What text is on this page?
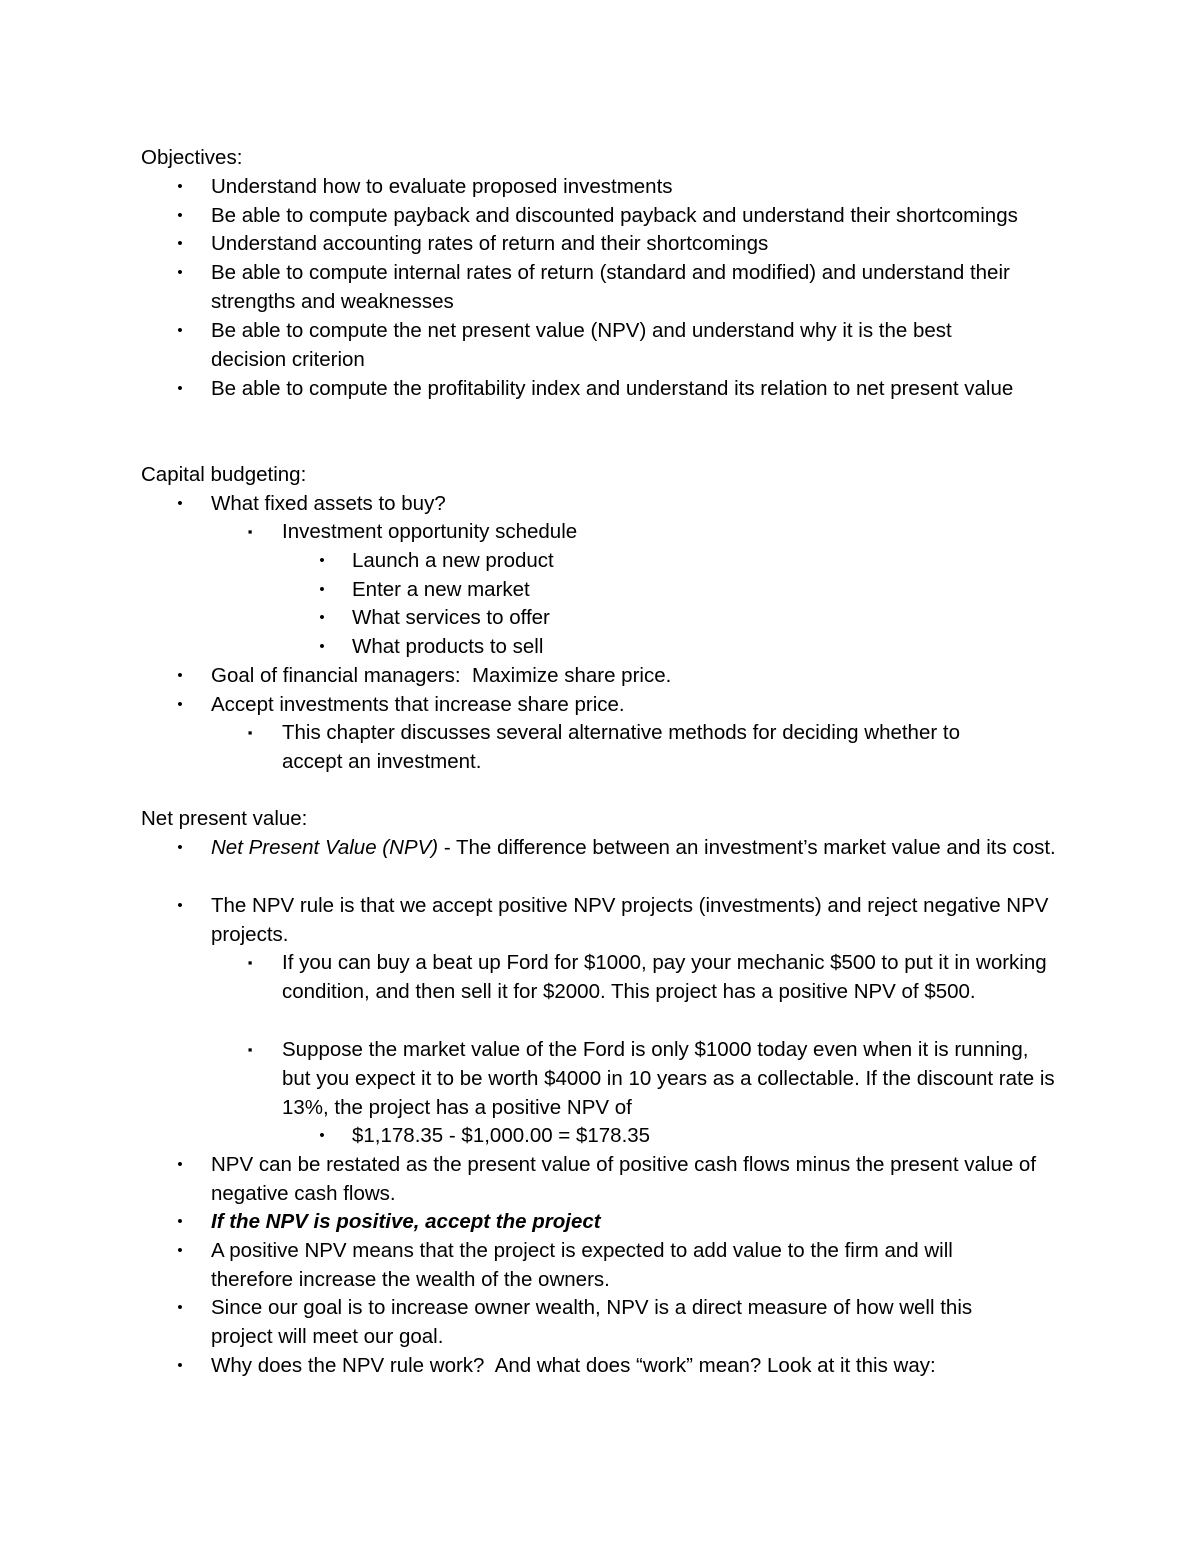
Objectives:
•	Understand how to evaluate proposed investments
•	Be able to compute payback and discounted payback and understand their shortcomings
•	Understand accounting rates of return and their shortcomings
•	Be able to compute internal rates of return (standard and modified) and understand their strengths and weaknesses
•	Be able to compute the net present value (NPV) and understand why it is the best decision criterion
•	Be able to compute the profitability index and understand its relation to net present value
Capital budgeting:
•	What fixed assets to buy?
▪	Investment opportunity schedule
•	Launch a new product
•	Enter a new market
•	What services to offer
•	What products to sell
•	Goal of financial managers:  Maximize share price.
•	Accept investments that increase share price.
▪	This chapter discusses several alternative methods for deciding whether to accept an investment.
Net present value:
•	Net Present Value (NPV) - The difference between an investment’s market value and its cost.
•	The NPV rule is that we accept positive NPV projects (investments) and reject negative NPV projects.
▪	If you can buy a beat up Ford for $1000, pay your mechanic $500 to put it in working condition, and then sell it for $2000. This project has a positive NPV of $500.
▪	Suppose the market value of the Ford is only $1000 today even when it is running, but you expect it to be worth $4000 in 10 years as a collectable. If the discount rate is 13%, the project has a positive NPV of
•	$1,178.35 - $1,000.00 = $178.35
•	NPV can be restated as the present value of positive cash flows minus the present value of negative cash flows.
•	If the NPV is positive, accept the project
•	A positive NPV means that the project is expected to add value to the firm and will therefore increase the wealth of the owners.
•	Since our goal is to increase owner wealth, NPV is a direct measure of how well this project will meet our goal.
•	Why does the NPV rule work?  And what does “work” mean? Look at it this way:
